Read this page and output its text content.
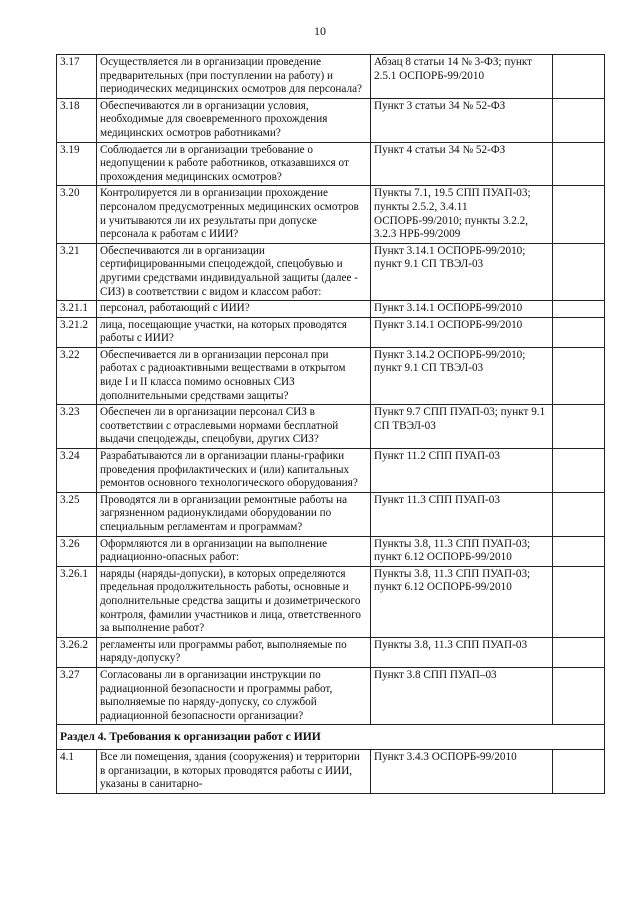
10
3.17	Осуществляется ли в организации проведение предварительных (при поступлении на работу) и периодических медицинских осмотров для персонала?	Абзац 8 статьи 14 № 3-ФЗ; пункт 2.5.1 ОСПОРБ-99/2010	
3.18	Обеспечиваются ли в организации условия, необходимые для своевременного прохождения медицинских осмотров работниками?	Пункт 3 статьи 34 № 52-ФЗ	
3.19	Соблюдается ли в организации требование о недопущении к работе работников, отказавшихся от прохождения медицинских осмотров?	Пункт 4 статьи 34 № 52-ФЗ	
3.20	Контролируется ли в организации прохождение персоналом предусмотренных медицинских осмотров и учитываются ли их результаты при допуске персонала к работам с ИИИ?	Пункты 7.1, 19.5 СПП ПУАП-03; пункты 2.5.2, 3.4.11 ОСПОРБ-99/2010; пункты 3.2.2, 3.2.3 НРБ-99/2009	
3.21	Обеспечиваются ли в организации сертифицированными спецодеждой, спецобувью и другими средствами индивидуальной защиты (далее - СИЗ) в соответствии с видом и классом работ:	Пункт 3.14.1 ОСПОРБ-99/2010; пункт 9.1 СП ТВЭЛ-03	
3.21.1	персонал, работающий с ИИИ?	Пункт 3.14.1 ОСПОРБ-99/2010	
3.21.2	лица, посещающие участки, на которых проводятся работы с ИИИ?	Пункт 3.14.1 ОСПОРБ-99/2010	
3.22	Обеспечивается ли в организации персонал при работах с радиоактивными веществами в открытом виде I и II класса помимо основных СИЗ дополнительными средствами защиты?	Пункт 3.14.2 ОСПОРБ-99/2010; пункт 9.1 СП ТВЭЛ-03	
3.23	Обеспечен ли в организации персонал СИЗ в соответствии с отраслевыми нормами бесплатной выдачи спецодежды, спецобуви, других СИЗ?	Пункт 9.7 СПП ПУАП-03; пункт 9.1 СП ТВЭЛ-03	
3.24	Разрабатываются ли в организации планы-графики проведения профилактических и (или) капитальных ремонтов основного технологического оборудования?	Пункт 11.2 СПП ПУАП-03	
3.25	Проводятся ли в организации ремонтные работы на загрязненном радионуклидами оборудовании по специальным регламентам и программам?	Пункт 11.3 СПП ПУАП-03	
3.26	Оформляются ли в организации на выполнение радиационно-опасных работ:	Пункты 3.8, 11.3 СПП ПУАП-03; пункт 6.12 ОСПОРБ-99/2010	
3.26.1	наряды (наряды-допуски), в которых определяются предельная продолжительность работы, основные и дополнительные средства защиты и дозиметрического контроля, фамилии участников и лица, ответственного за выполнение работ?	Пункты 3.8, 11.3 СПП ПУАП-03; пункт 6.12 ОСПОРБ-99/2010	
3.26.2	регламенты или программы работ, выполняемые по наряду-допуску?	Пункты 3.8, 11.3 СПП ПУАП-03	
3.27	Согласованы ли в организации инструкции по радиационной безопасности и программы работ, выполняемые по наряду-допуску, со службой радиационной безопасности организации?	Пункт 3.8 СПП ПУАП–03	
Раздел 4. Требования к организации работ с ИИИ			
4.1	Все ли помещения, здания (сооружения) и территории в организации, в которых проводятся работы с ИИИ, указаны в санитарно-	Пункт 3.4.3 ОСПОРБ-99/2010	
